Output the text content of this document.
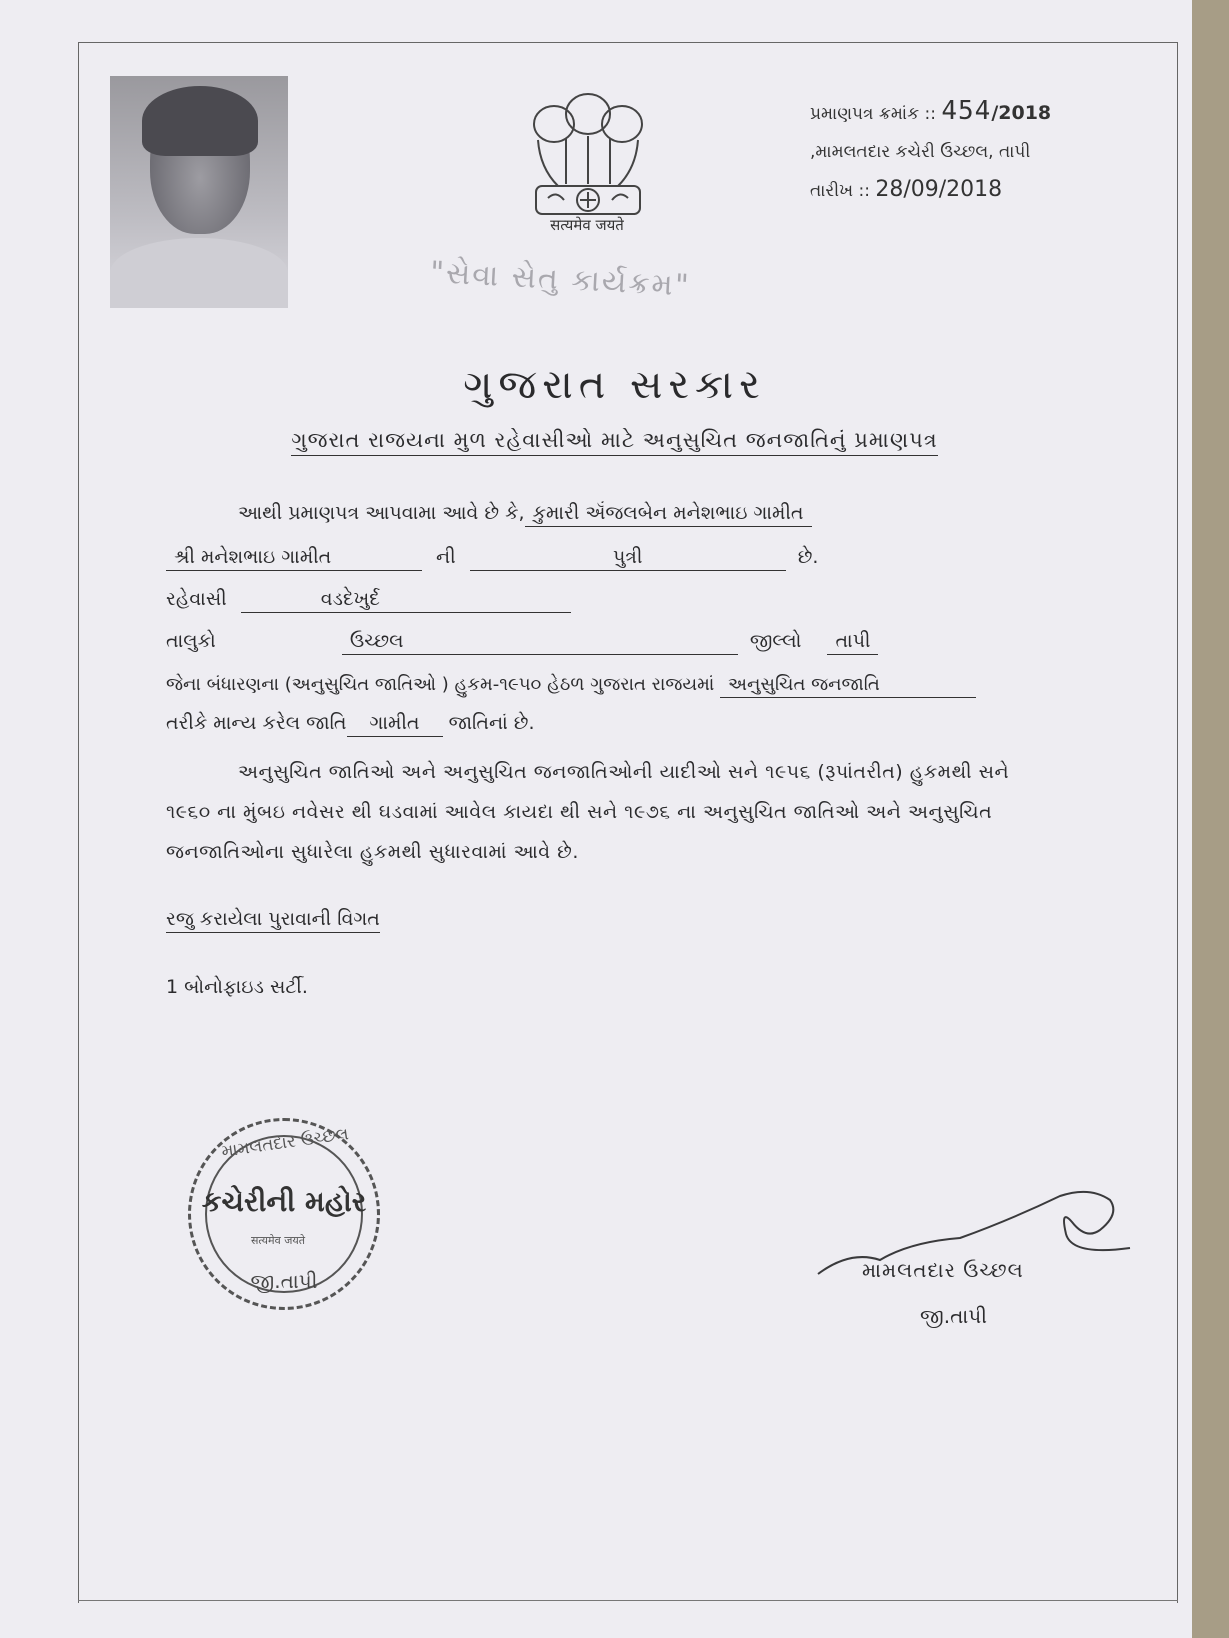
सत्यमेव जयते
પ્રમાણપત્ર ક્રમાંક :: 454/2018
,મામલતદાર કચેરી ઉચ્છલ, તાપી
તારીખ :: 28/09/2018
"સેવા સેતુ કાર્યક્રમ"
ગુજરાત સરકાર
ગુજરાત રાજયના મુળ રહેવાસીઓ માટે અનુસુચિત જનજાતિનું પ્રમાણપત્ર
આથી પ્રમાણપત્ર આપવામા આવે છે કે, કુમારી ઍંજલબેન મનેશભાઇ ગામીત
શ્રી મનેશભાઇ ગામીત	ની	પુત્રી	છે.
રહેવાસી	વડદેખુર્દ
તાલુકો	ઉચ્છલ	જીલ્લો તાપી
જેના બંધારણના (અનુસુચિત જાતિઓ ) હુકમ-૧૯૫૦ હેઠળ ગુજરાત રાજયમાં અનુસુચિત જનજાતિ
તરીકે માન્ય કરેલ જાતિ ગામીત જાતિનાં છે.
અનુસુચિત જાતિઓ અને અનુસુચિત જનજાતિઓની યાદીઓ સને ૧૯૫૬ (રૂપાંતરીત) હુકમથી સને
૧૯૬૦ ના મુંબઇ નવેસર થી ઘડવામાં આવેલ કાયદા થી સને ૧૯૭૬ ના અનુસુચિત જાતિઓ અને અનુસુચિત
જનજાતિઓના સુધારેલા હુકમથી સુધારવામાં આવે છે.
રજુ કરાયેલા પુરાવાની વિગત
1 બોનોફાઇડ સર્ટી.
મામલતદાર ઉચ્છલ
કચેરીની મહોર
सत्यमेव जयते
જી.તાપી	મામલતદાર ઉચ્છલ
જી.તાપી
